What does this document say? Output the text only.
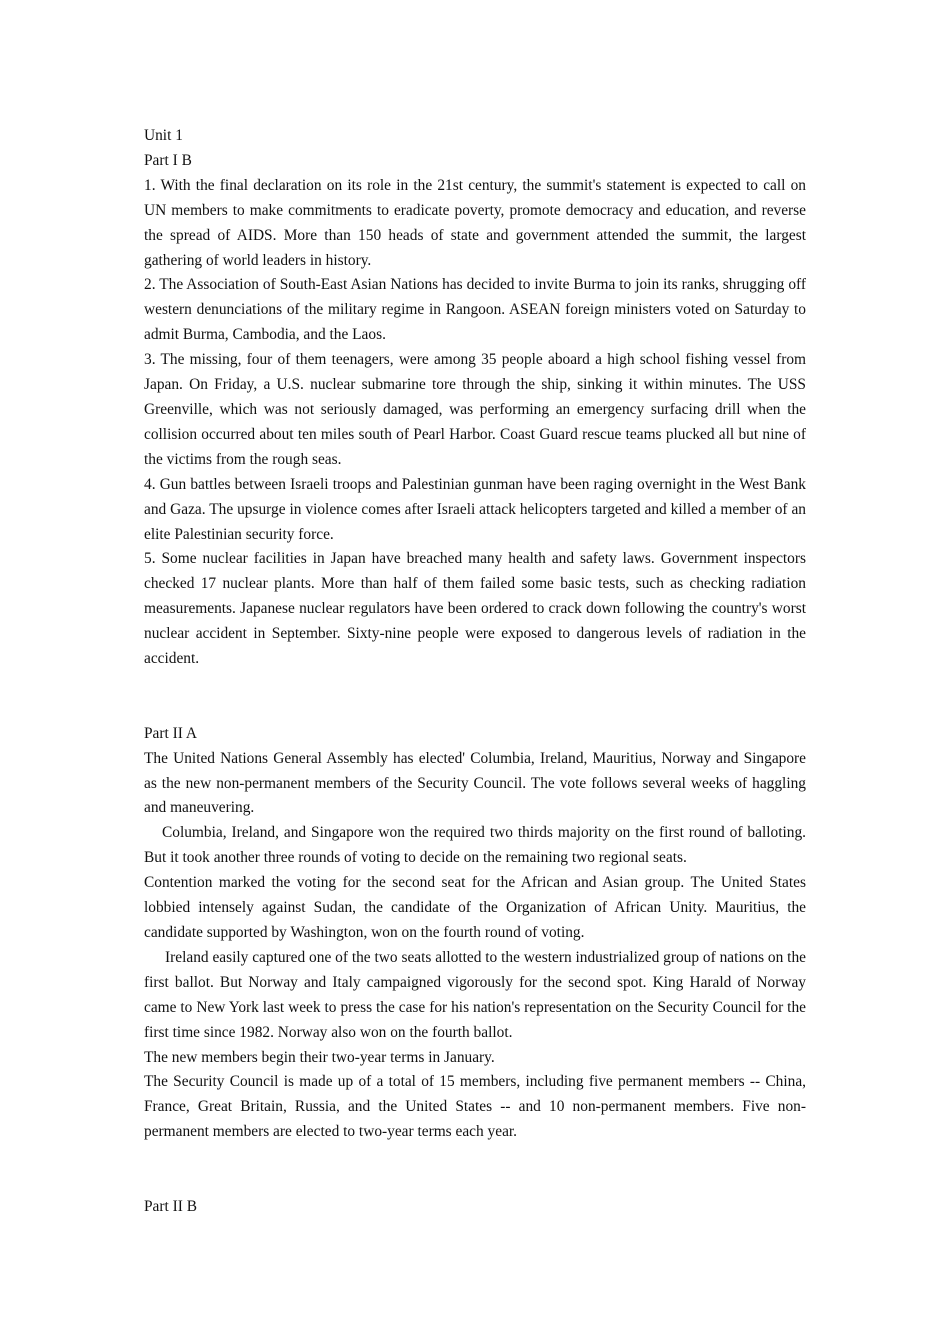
Unit 1
Part I B

1. With the final declaration on its role in the 21st century, the summit's statement is expected to call on UN members to make commitments to eradicate poverty, promote democracy and education, and reverse the spread of AIDS. More than 150 heads of state and government attended the summit, the largest gathering of world leaders in history.

2. The Association of South-East Asian Nations has decided to invite Burma to join its ranks, shrugging off western denunciations of the military regime in Rangoon. ASEAN foreign ministers voted on Saturday to admit Burma, Cambodia, and the Laos.

3. The missing, four of them teenagers, were among 35 people aboard a high school fishing vessel from Japan. On Friday, a U.S. nuclear submarine tore through the ship, sinking it within minutes. The USS Greenville, which was not seriously damaged, was performing an emergency surfacing drill when the collision occurred about ten miles south of Pearl Harbor. Coast Guard rescue teams plucked all but nine of the victims from the rough seas.

4. Gun battles between Israeli troops and Palestinian gunman have been raging overnight in the West Bank and Gaza. The upsurge in violence comes after Israeli attack helicopters targeted and killed a member of an elite Palestinian security force.

5. Some nuclear facilities in Japan have breached many health and safety laws. Government inspectors checked 17 nuclear plants. More than half of them failed some basic tests, such as checking radiation measurements. Japanese nuclear regulators have been ordered to crack down following the country's worst nuclear accident in September. Sixty-nine people were exposed to dangerous levels of radiation in the accident.

Part II A

The United Nations General Assembly has elected' Columbia, Ireland, Mauritius, Norway and Singapore as the new non-permanent members of the Security Council. The vote follows several weeks of haggling and maneuvering.

Columbia, Ireland, and Singapore won the required two thirds majority on the first round of balloting. But it took another three rounds of voting to decide on the remaining two regional seats.

Contention marked the voting for the second seat for the African and Asian group. The United States lobbied intensely against Sudan, the candidate of the Organization of African Unity. Mauritius, the candidate supported by Washington, won on the fourth round of voting.

Ireland easily captured one of the two seats allotted to the western industrialized group of nations on the first ballot. But Norway and Italy campaigned vigorously for the second spot. King Harald of Norway came to New York last week to press the case for his nation's representation on the Security Council for the first time since 1982. Norway also won on the fourth ballot.

The new members begin their two-year terms in January.

The Security Council is made up of a total of 15 members, including five permanent members -- China, France, Great Britain, Russia, and the United States -- and 10 non-permanent members. Five non-permanent members are elected to two-year terms each year.

Part II B
